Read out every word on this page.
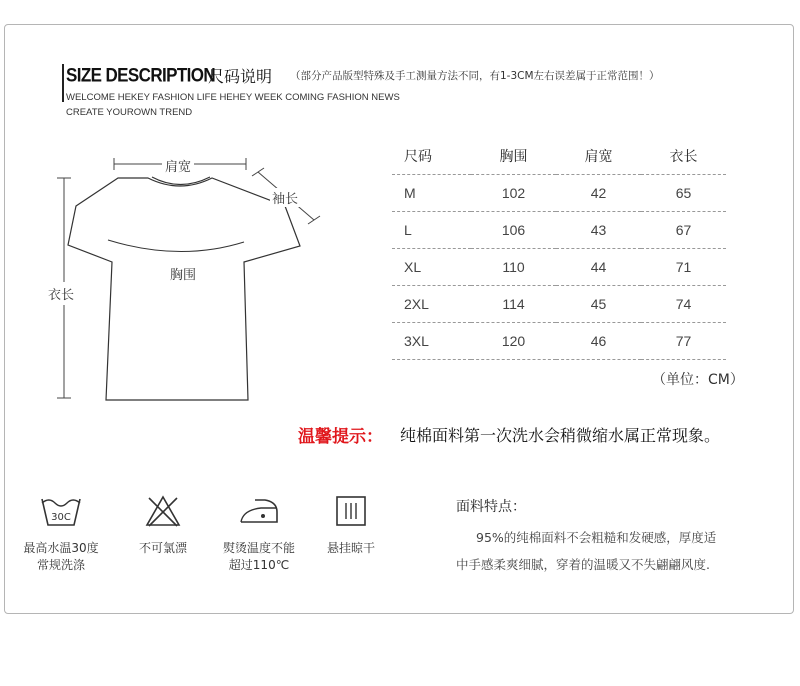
SIZE DESCRIPTION
尺码说明 （部分产品版型特殊及手工测量方法不同，有1-3CM左右误差属于正常范围！）
WELCOME HEKEY FASHION LIFE HEHEY WEEK COMING FASHION NEWS
CREATE YOUROWN TREND
肩宽
袖长
胸围
衣长
尺码	胸围	肩宽	衣长
M	102	42	65
L	106	43	67
XL	110	44	71
2XL	114	45	74
3XL	120	46	77
（单位：CM）
温馨提示： 纯棉面料第一次洗水会稍微缩水属正常现象。
30C
最高水温30度
常规洗涤
不可氯漂	熨烫温度不能
超过110℃
悬挂晾干
面料特点：
95%的纯棉面料不会粗糙和发硬感，厚度适
中手感柔爽细腻，穿着的温暖又不失翩翩风度.
